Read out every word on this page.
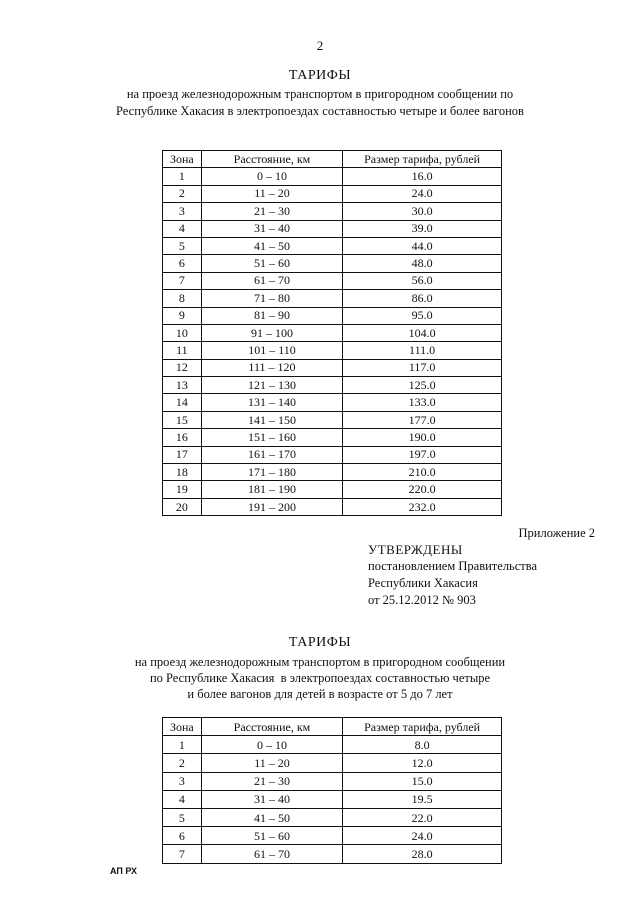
2
ТАРИФЫ
на проезд железнодорожным транспортом в пригородном сообщении по
Республике Хакасия в электропоездах составностью четыре и более вагонов
Зона	Расстояние, км	Размер тарифа, рублей
1	0 – 10	16.0
2	11 – 20	24.0
3	21 – 30	30.0
4	31 – 40	39.0
5	41 – 50	44.0
6	51 – 60	48.0
7	61 – 70	56.0
8	71 – 80	86.0
9	81 – 90	95.0
10	91 – 100	104.0
11	101 – 110	111.0
12	111 – 120	117.0
13	121 – 130	125.0
14	131 – 140	133.0
15	141 – 150	177.0
16	151 – 160	190.0
17	161 – 170	197.0
18	171 – 180	210.0
19	181 – 190	220.0
20	191 – 200	232.0
Приложение 2
УТВЕРЖДЕНЫ
постановлением Правительства
Республики Хакасия
от 25.12.2012 № 903
ТАРИФЫ
на проезд железнодорожным транспортом в пригородном сообщении
по Республике Хакасия  в электропоездах составностью четыре
и более вагонов для детей в возрасте от 5 до 7 лет
Зона	Расстояние, км	Размер тарифа, рублей
1	0 – 10	8.0
2	11 – 20	12.0
3	21 – 30	15.0
4	31 – 40	19.5
5	41 – 50	22.0
6	51 – 60	24.0
7	61 – 70	28.0
АП РХ
